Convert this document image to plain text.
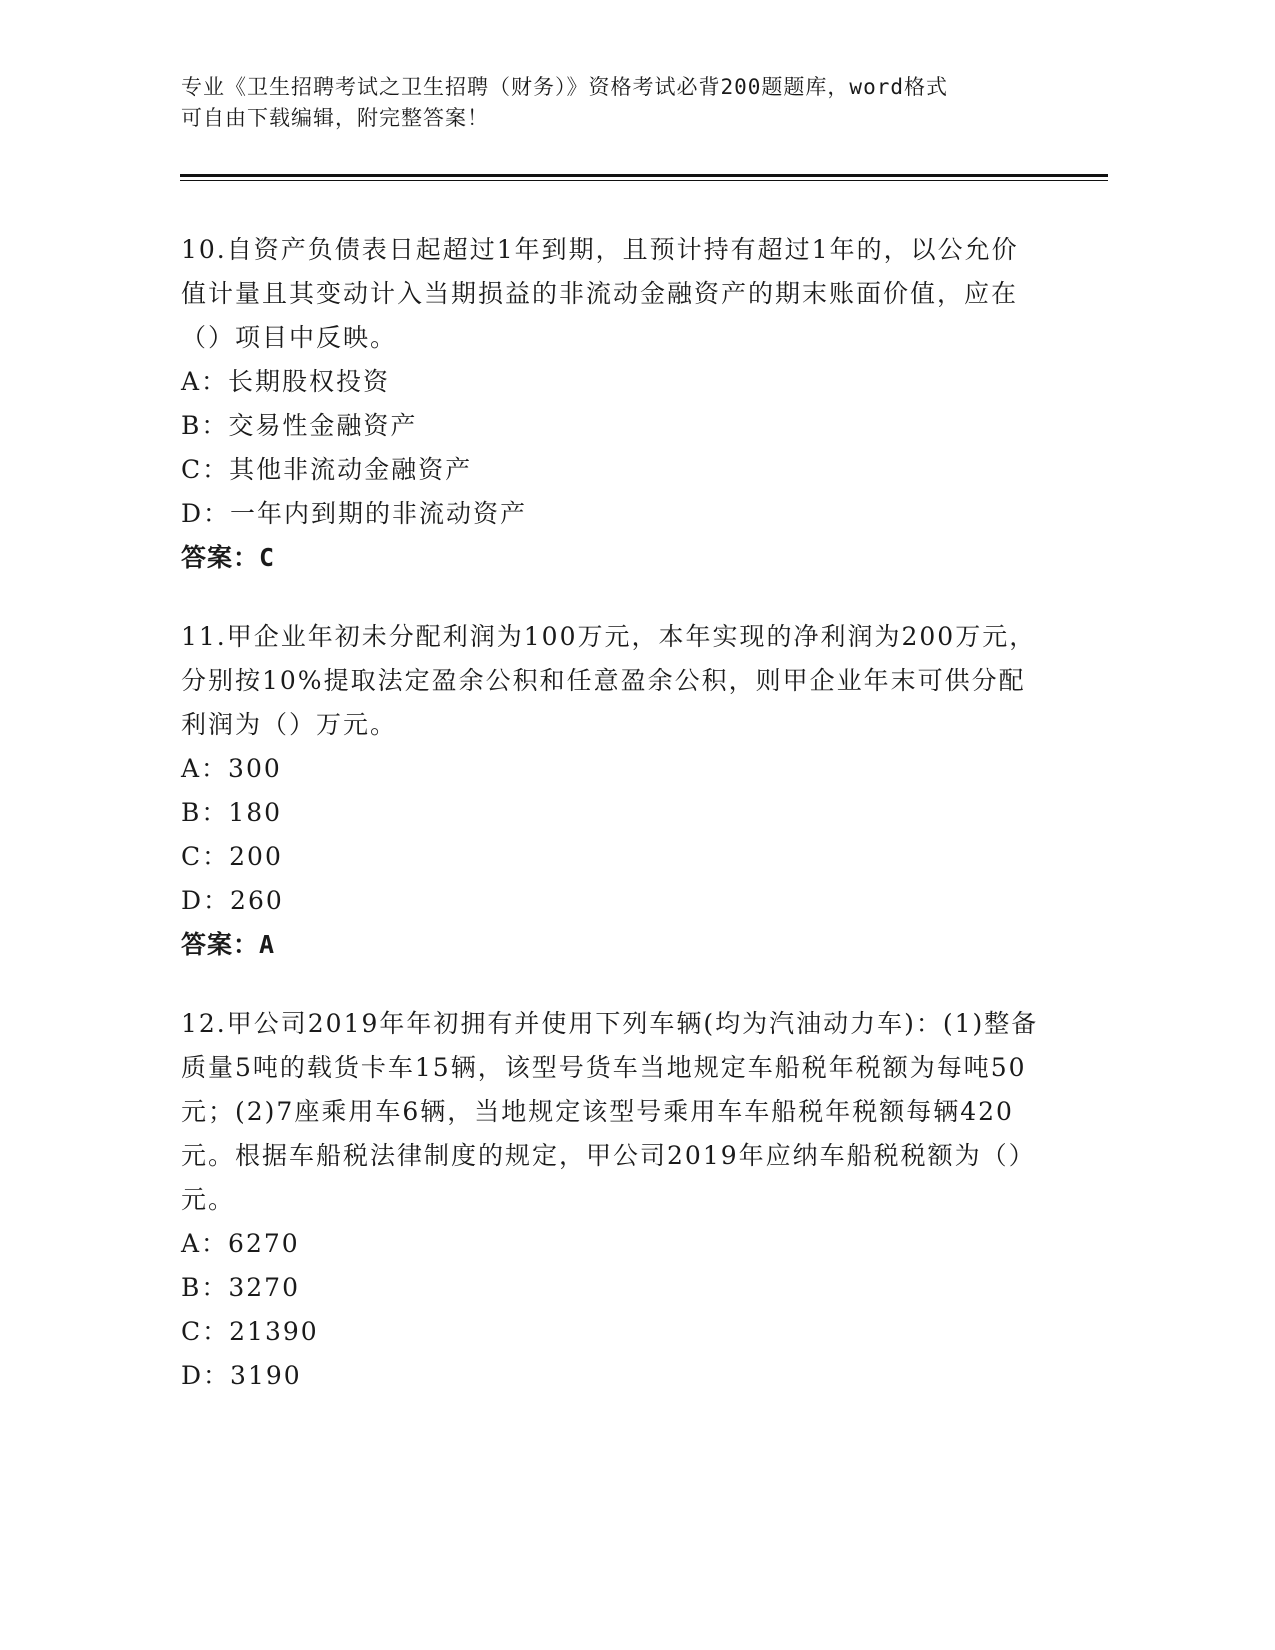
专业《卫生招聘考试之卫生招聘（财务）》资格考试必背200题题库，word格式
可自由下载编辑，附完整答案！

10.自资产负债表日起超过1年到期，且预计持有超过1年的，以公允价值计量且其变动计入当期损益的非流动金融资产的期末账面价值，应在（）项目中反映。

A：长期股权投资

B：交易性金融资产

C：其他非流动金融资产

D：一年内到期的非流动资产

答案：C

11.甲企业年初未分配利润为100万元，本年实现的净利润为200万元，分别按10%提取法定盈余公积和任意盈余公积，则甲企业年末可供分配利润为（）万元。

A：300

B：180

C：200

D：260

答案：A

12.甲公司2019年年初拥有并使用下列车辆(均为汽油动力车)：(1)整备质量5吨的载货卡车15辆，该型号货车当地规定车船税年税额为每吨50元；(2)7座乘用车6辆，当地规定该型号乘用车车船税年税额每辆420元。根据车船税法律制度的规定，甲公司2019年应纳车船税税额为（）元。

A：6270

B：3270

C：21390

D：3190
